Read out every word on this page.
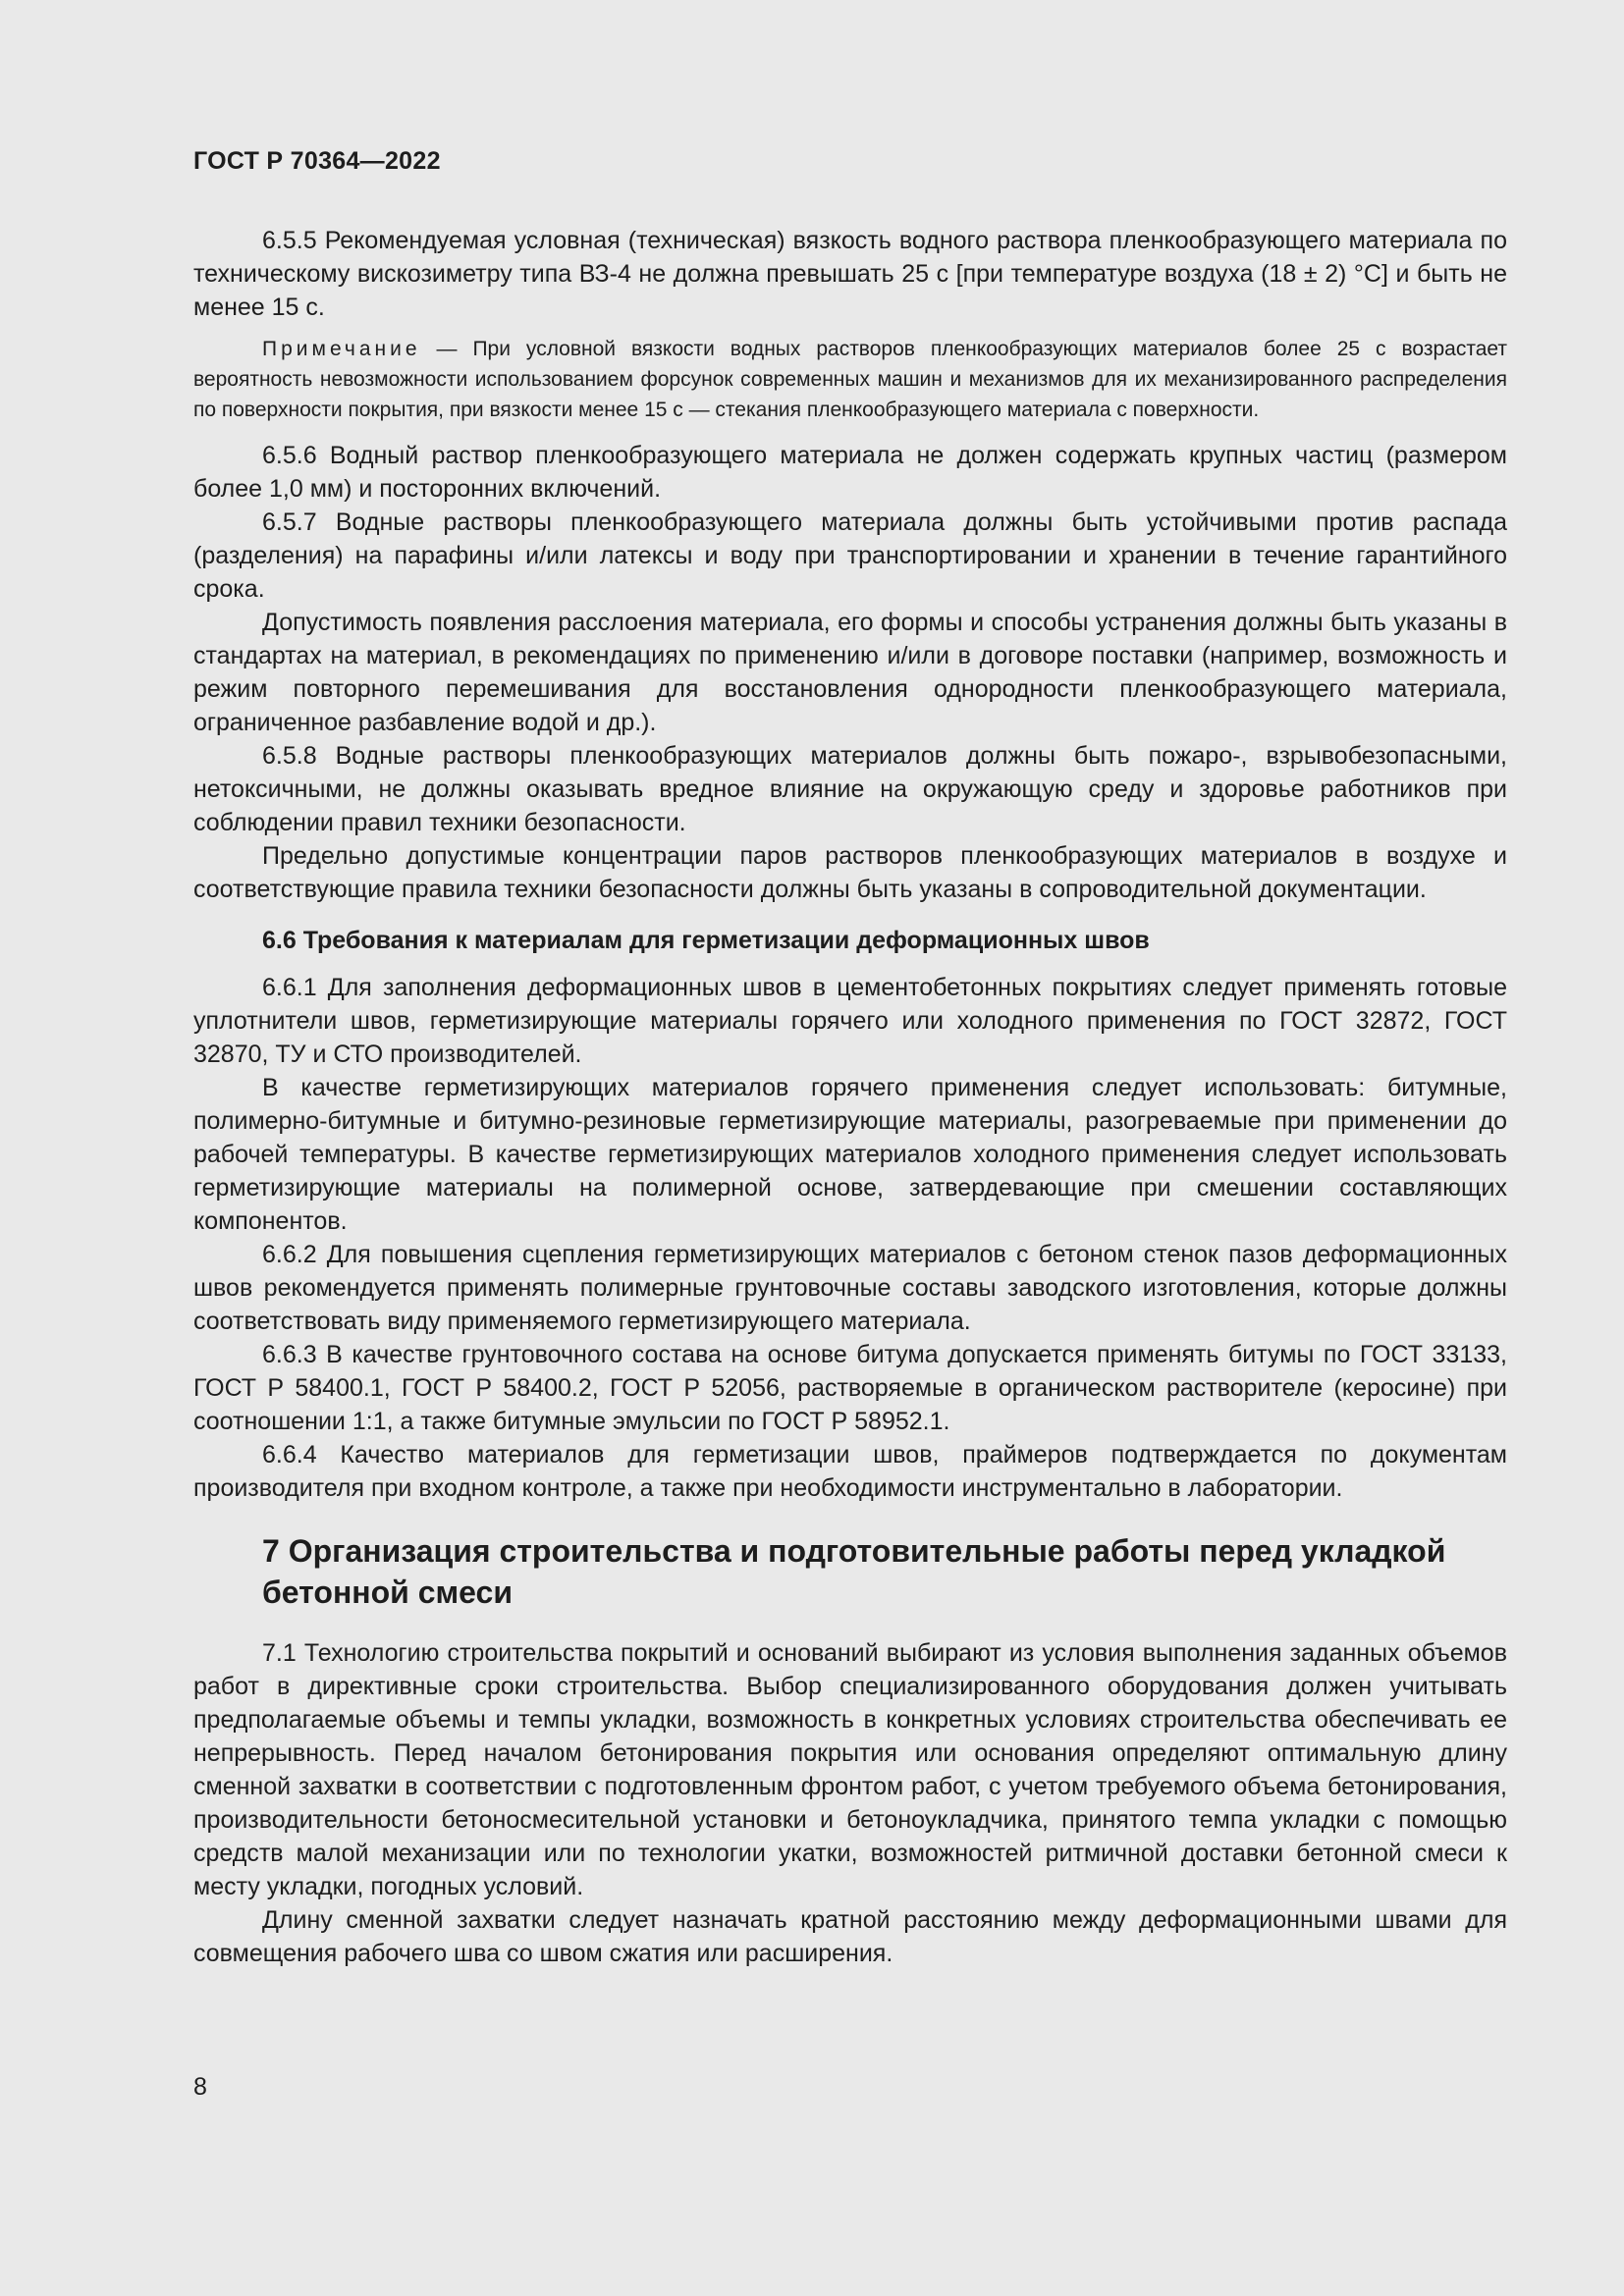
ГОСТ Р 70364—2022

6.5.5 Рекомендуемая условная (техническая) вязкость водного раствора пленкообразующего материала по техническому вискозиметру типа ВЗ-4 не должна превышать 25 с [при температуре воздуха (18 ± 2) °C] и быть не менее 15 с.

Примечание — При условной вязкости водных растворов пленкообразующих материалов более 25 с возрастает вероятность невозможности использованием форсунок современных машин и механизмов для их механизированного распределения по поверхности покрытия, при вязкости менее 15 с — стекания пленкообразующего материала с поверхности.

6.5.6 Водный раствор пленкообразующего материала не должен содержать крупных частиц (размером более 1,0 мм) и посторонних включений.

6.5.7 Водные растворы пленкообразующего материала должны быть устойчивыми против распада (разделения) на парафины и/или латексы и воду при транспортировании и хранении в течение гарантийного срока.

Допустимость появления расслоения материала, его формы и способы устранения должны быть указаны в стандартах на материал, в рекомендациях по применению и/или в договоре поставки (например, возможность и режим повторного перемешивания для восстановления однородности пленкообразующего материала, ограниченное разбавление водой и др.).

6.5.8 Водные растворы пленкообразующих материалов должны быть пожаро-, взрывобезопасными, нетоксичными, не должны оказывать вредное влияние на окружающую среду и здоровье работников при соблюдении правил техники безопасности.

Предельно допустимые концентрации паров растворов пленкообразующих материалов в воздухе и соответствующие правила техники безопасности должны быть указаны в сопроводительной документации.

6.6 Требования к материалам для герметизации деформационных швов

6.6.1 Для заполнения деформационных швов в цементобетонных покрытиях следует применять готовые уплотнители швов, герметизирующие материалы горячего или холодного применения по ГОСТ 32872, ГОСТ 32870, ТУ и СТО производителей.

В качестве герметизирующих материалов горячего применения следует использовать: битумные, полимерно-битумные и битумно-резиновые герметизирующие материалы, разогреваемые при применении до рабочей температуры. В качестве герметизирующих материалов холодного применения следует использовать герметизирующие материалы на полимерной основе, затвердевающие при смешении составляющих компонентов.

6.6.2 Для повышения сцепления герметизирующих материалов с бетоном стенок пазов деформационных швов рекомендуется применять полимерные грунтовочные составы заводского изготовления, которые должны соответствовать виду применяемого герметизирующего материала.

6.6.3 В качестве грунтовочного состава на основе битума допускается применять битумы по ГОСТ 33133, ГОСТ Р 58400.1, ГОСТ Р 58400.2, ГОСТ Р 52056, растворяемые в органическом растворителе (керосине) при соотношении 1:1, а также битумные эмульсии по ГОСТ Р 58952.1.

6.6.4 Качество материалов для герметизации швов, праймеров подтверждается по документам производителя при входном контроле, а также при необходимости инструментально в лаборатории.

7 Организация строительства и подготовительные работы перед укладкой бетонной смеси

7.1 Технологию строительства покрытий и оснований выбирают из условия выполнения заданных объемов работ в директивные сроки строительства. Выбор специализированного оборудования должен учитывать предполагаемые объемы и темпы укладки, возможность в конкретных условиях строительства обеспечивать ее непрерывность. Перед началом бетонирования покрытия или основания определяют оптимальную длину сменной захватки в соответствии с подготовленным фронтом работ, с учетом требуемого объема бетонирования, производительности бетоносмесительной установки и бетоноукладчика, принятого темпа укладки с помощью средств малой механизации или по технологии укатки, возможностей ритмичной доставки бетонной смеси к месту укладки, погодных условий.

Длину сменной захватки следует назначать кратной расстоянию между деформационными швами для совмещения рабочего шва со швом сжатия или расширения.

8
